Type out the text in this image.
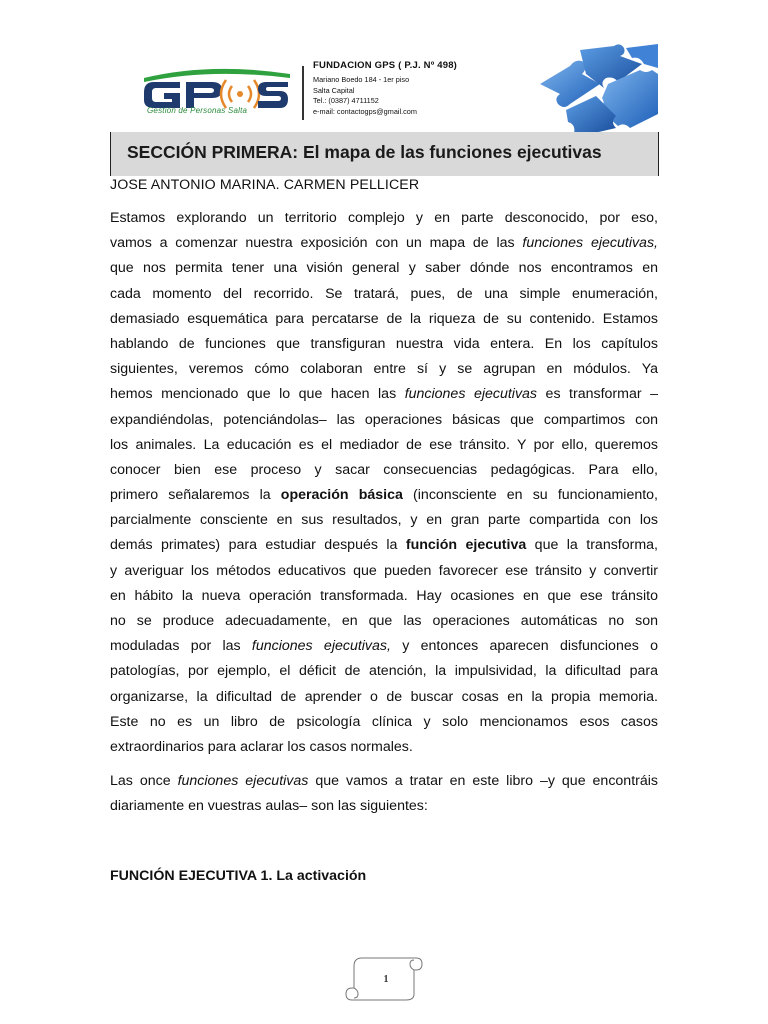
Gestión de Personas Salta
FUNDACION GPS ( P.J. Nº 498)
Mariano Boedo 184 - 1er piso
Salta Capital
Tel.: (0387) 4711152
e-mail: contactogps@gmail.com
SECCIÓN PRIMERA: El mapa de las funciones ejecutivas
JOSE ANTONIO MARINA. CARMEN PELLICER
Estamos explorando un territorio complejo y en parte desconocido, por eso,
vamos a comenzar nuestra exposición con un mapa de las funciones ejecutivas,
que nos permita tener una visión general y saber dónde nos encontramos en
cada momento del recorrido. Se tratará, pues, de una simple enumeración,
demasiado esquemática para percatarse de la riqueza de su contenido. Estamos
hablando de funciones que transfiguran nuestra vida entera. En los capítulos
siguientes, veremos cómo colaboran entre sí y se agrupan en módulos. Ya
hemos mencionado que lo que hacen las funciones ejecutivas es transformar –
expandiéndolas, potenciándolas– las operaciones básicas que compartimos con
los animales. La educación es el mediador de ese tránsito. Y por ello, queremos
conocer bien ese proceso y sacar consecuencias pedagógicas. Para ello,
primero señalaremos la operación básica (inconsciente en su funcionamiento,
parcialmente consciente en sus resultados, y en gran parte compartida con los
demás primates) para estudiar después la función ejecutiva que la transforma,
y averiguar los métodos educativos que pueden favorecer ese tránsito y convertir
en hábito la nueva operación transformada. Hay ocasiones en que ese tránsito
no se produce adecuadamente, en que las operaciones automáticas no son
moduladas por las funciones ejecutivas, y entonces aparecen disfunciones o
patologías, por ejemplo, el déficit de atención, la impulsividad, la dificultad para
organizarse, la dificultad de aprender o de buscar cosas en la propia memoria.
Este no es un libro de psicología clínica y solo mencionamos esos casos
extraordinarios para aclarar los casos normales.
Las once funciones ejecutivas que vamos a tratar en este libro –y que encontráis
diariamente en vuestras aulas– son las siguientes:
FUNCIÓN EJECUTIVA 1. La activación
1
